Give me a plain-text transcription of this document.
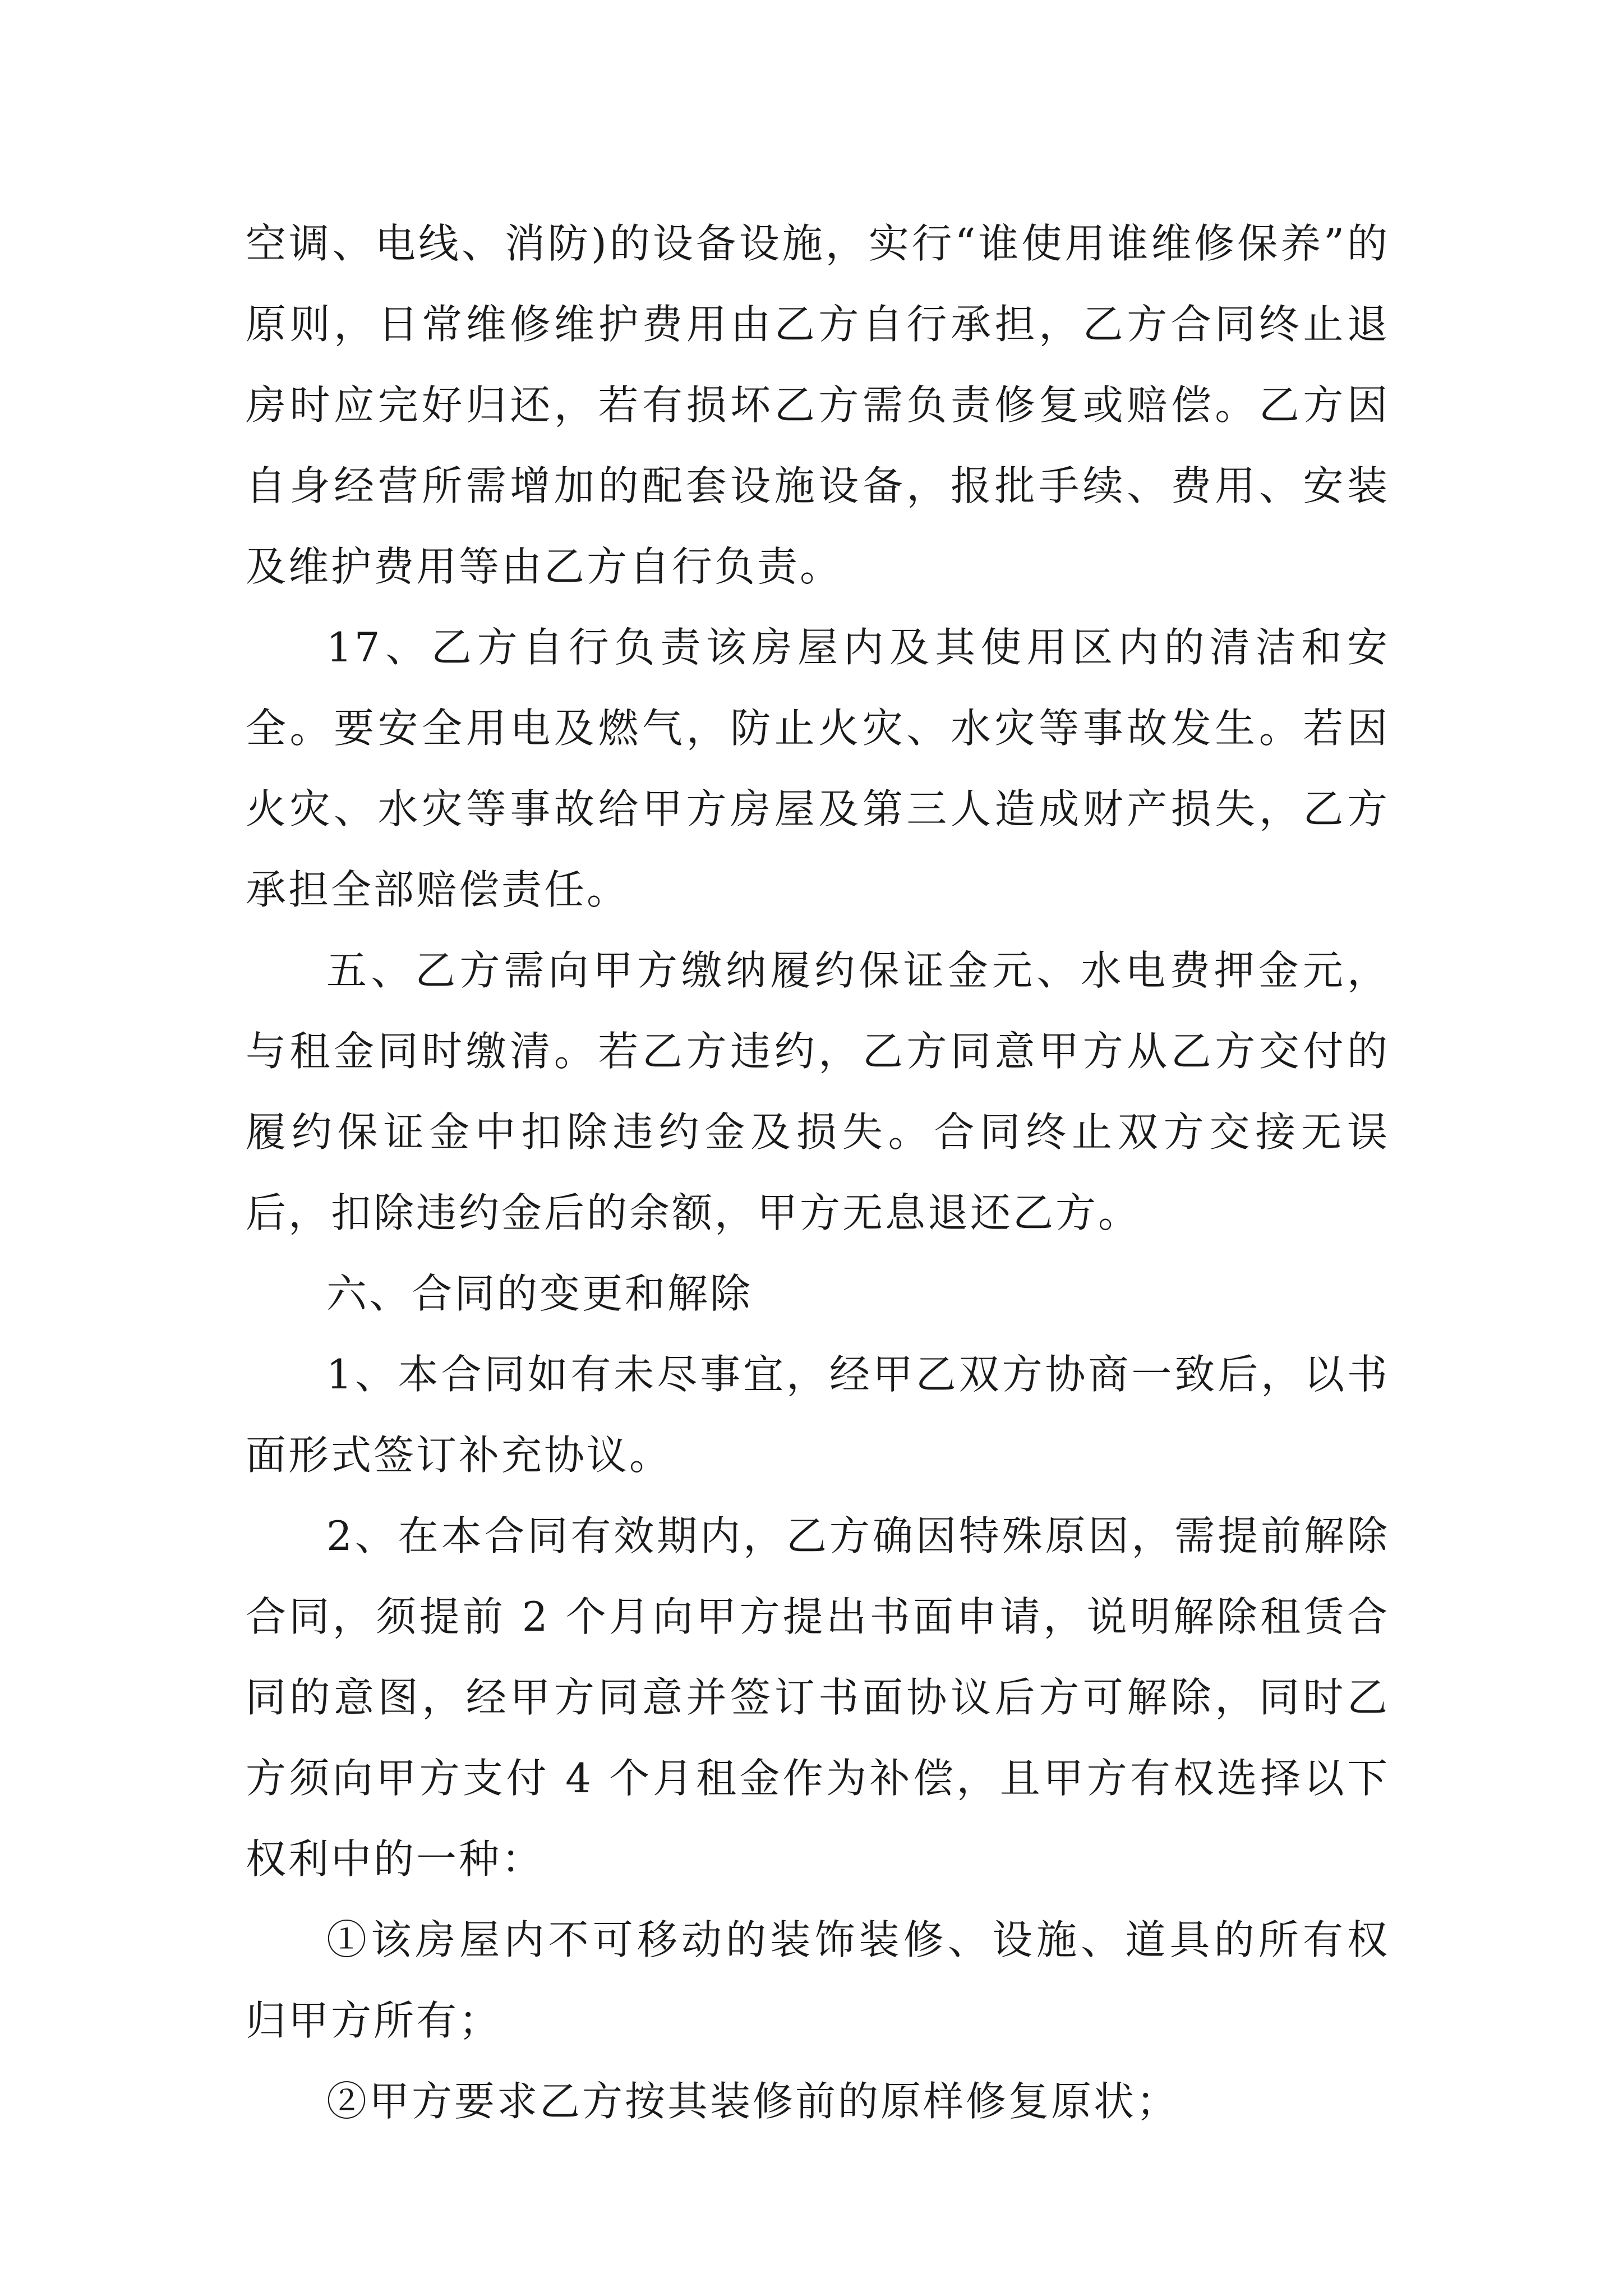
空调、电线、消防)的设备设施，实行“谁使用谁维修保养”的原则，日常维修维护费用由乙方自行承担，乙方合同终止退房时应完好归还，若有损坏乙方需负责修复或赔偿。乙方因自身经营所需增加的配套设施设备，报批手续、费用、安装及维护费用等由乙方自行负责。

17、乙方自行负责该房屋内及其使用区内的清洁和安全。要安全用电及燃气，防止火灾、水灾等事故发生。若因火灾、水灾等事故给甲方房屋及第三人造成财产损失，乙方承担全部赔偿责任。

五、乙方需向甲方缴纳履约保证金元、水电费押金元，与租金同时缴清。若乙方违约，乙方同意甲方从乙方交付的履约保证金中扣除违约金及损失。合同终止双方交接无误后，扣除违约金后的余额，甲方无息退还乙方。

六、合同的变更和解除

1、本合同如有未尽事宜，经甲乙双方协商一致后，以书面形式签订补充协议。

2、在本合同有效期内，乙方确因特殊原因，需提前解除合同，须提前 2 个月向甲方提出书面申请，说明解除租赁合同的意图，经甲方同意并签订书面协议后方可解除，同时乙方须向甲方支付 4 个月租金作为补偿，且甲方有权选择以下权利中的一种：

①该房屋内不可移动的装饰装修、设施、道具的所有权归甲方所有；

②甲方要求乙方按其装修前的原样修复原状；
